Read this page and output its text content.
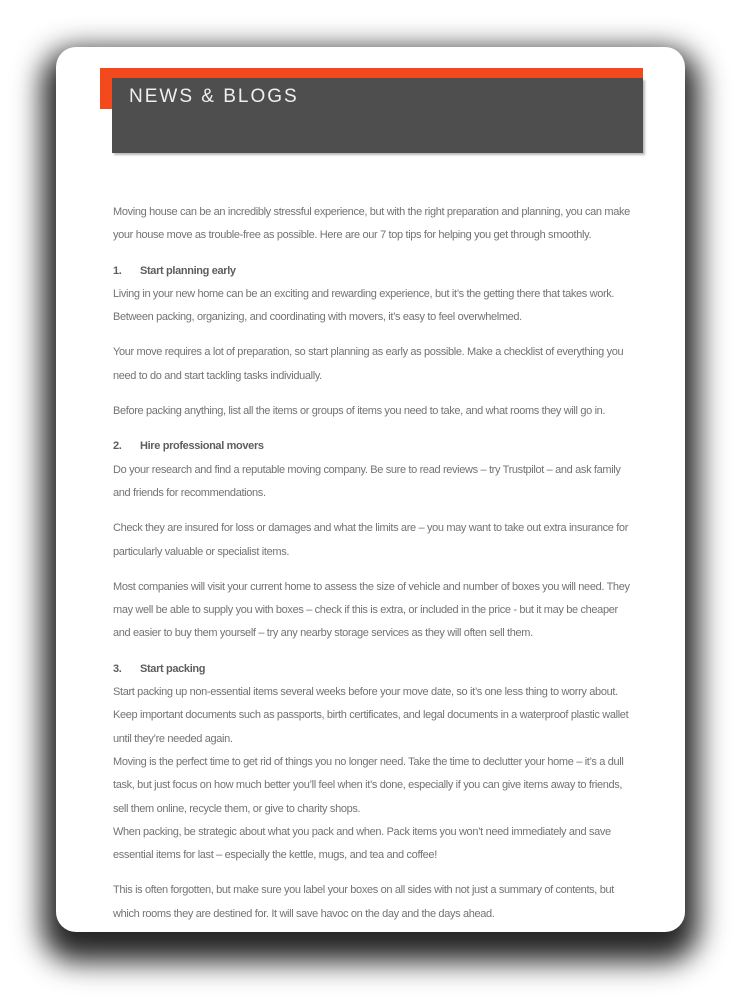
NEWS & BLOGS

Moving house can be an incredibly stressful experience, but with the right preparation and planning, you can make your house move as trouble-free as possible. Here are our 7 top tips for helping you get through smoothly.

1. Start planning early

Living in your new home can be an exciting and rewarding experience, but it’s the getting there that takes work. Between packing, organizing, and coordinating with movers, it’s easy to feel overwhelmed.

Your move requires a lot of preparation, so start planning as early as possible. Make a checklist of everything you need to do and start tackling tasks individually.

Before packing anything, list all the items or groups of items you need to take, and what rooms they will go in.

2. Hire professional movers

Do your research and find a reputable moving company. Be sure to read reviews – try Trustpilot – and ask family and friends for recommendations.

Check they are insured for loss or damages and what the limits are – you may want to take out extra insurance for particularly valuable or specialist items.

Most companies will visit your current home to assess the size of vehicle and number of boxes you will need. They may well be able to supply you with boxes – check if this is extra, or included in the price - but it may be cheaper and easier to buy them yourself – try any nearby storage services as they will often sell them.

3. Start packing

Start packing up non-essential items several weeks before your move date, so it’s one less thing to worry about. Keep important documents such as passports, birth certificates, and legal documents in a waterproof plastic wallet until they’re needed again.

Moving is the perfect time to get rid of things you no longer need. Take the time to declutter your home – it’s a dull task, but just focus on how much better you’ll feel when it’s done, especially if you can give items away to friends, sell them online, recycle them, or give to charity shops.

When packing, be strategic about what you pack and when. Pack items you won’t need immediately and save essential items for last – especially the kettle, mugs, and tea and coffee!

This is often forgotten, but make sure you label your boxes on all sides with not just a summary of contents, but which rooms they are destined for. It will save havoc on the day and the days ahead.
